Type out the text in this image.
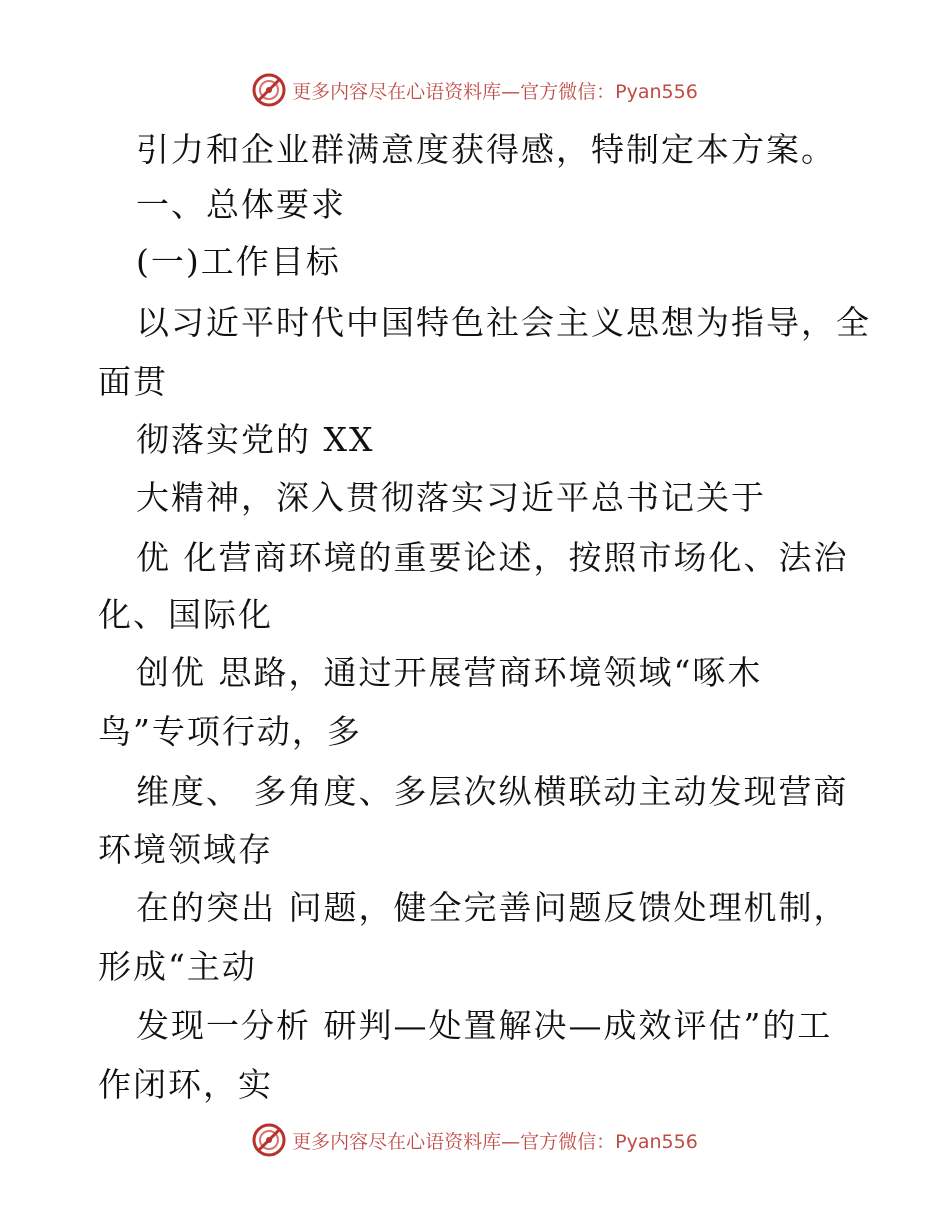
更多内容尽在心语资料库—官方微信：Pyan556
引力和企业群满意度获得感，特制定本方案。
一、总体要求
(一)工作目标
以习近平时代中国特色社会主义思想为指导，全
面贯
彻落实党的 XX
大精神，深入贯彻落实习近平总书记关于
优 化营商环境的重要论述，按照市场化、法治
化、国际化
创优 思路，通过开展营商环境领域“啄木
鸟”专项行动，多
维度、 多角度、多层次纵横联动主动发现营商
环境领域存
在的突出 问题，健全完善问题反馈处理机制，
形成“主动
发现一分析 研判—处置解决—成效评估”的工
作闭环，实
更多内容尽在心语资料库—官方微信：Pyan556
